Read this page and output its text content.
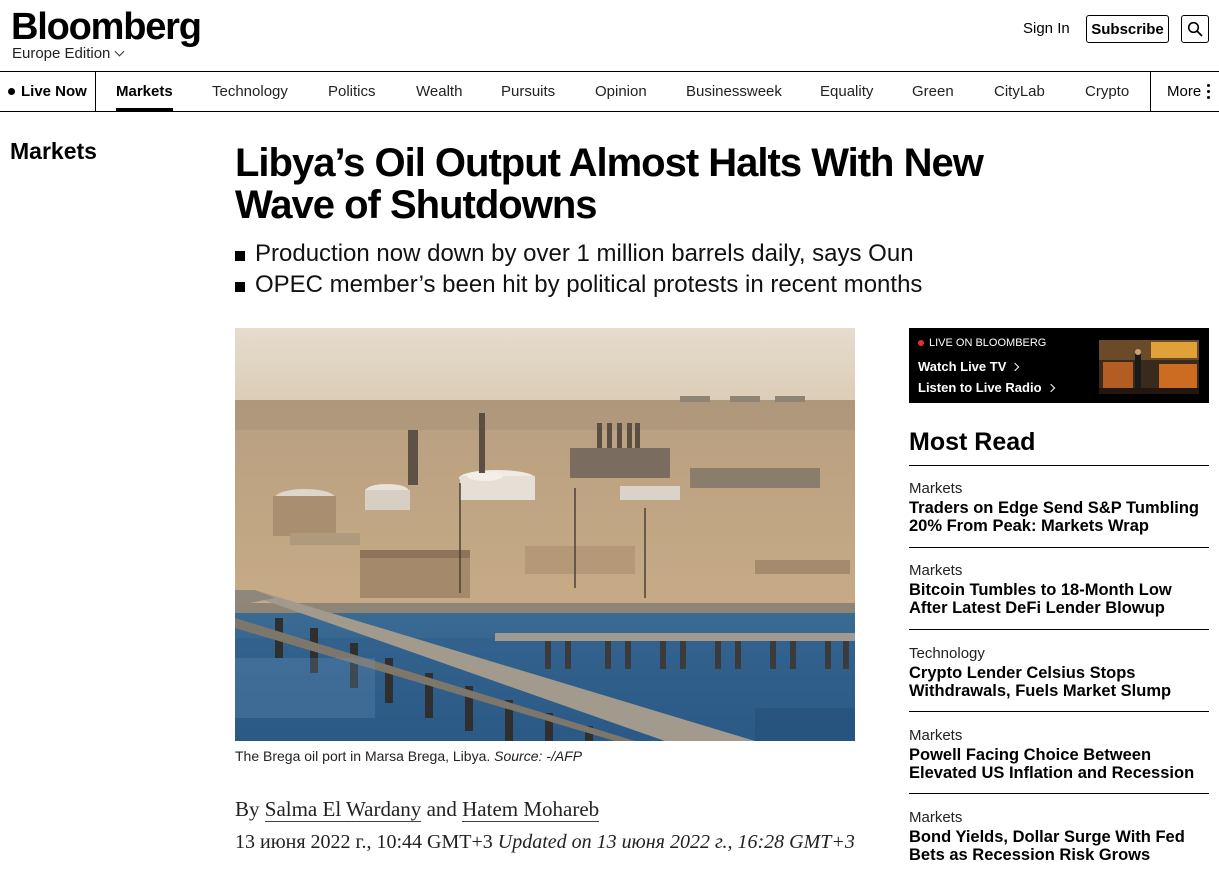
Bloomberg
Europe Edition
Sign In	Subscribe
Live Now Markets	Technology	Politics	Wealth	Pursuits	Opinion	Businessweek	Equality	Green	CityLab	Crypto	More
Markets	Libya’s Oil Output Almost Halts With New
Wave of Shutdowns
Production now down by over 1 million barrels daily, says Oun
OPEC member’s been hit by political protests in recent months
The Brega oil port in Marsa Brega, Libya. Source: -/AFP
By Salma El Wardany and Hatem Mohareb
13 июня 2022 г., 10:44 GMT+3 Updated on 13 июня 2022 г., 16:28 GMT+3
LIVE ON BLOOMBERG
Watch Live TV
Listen to Live Radio
Most Read
Markets
Traders on Edge Send S&P Tumbling 20% From Peak: Markets Wrap
Markets
Bitcoin Tumbles to 18-Month Low After Latest DeFi Lender Blowup
Technology
Crypto Lender Celsius Stops Withdrawals, Fuels Market Slump
Markets
Powell Facing Choice Between Elevated US Inflation and Recession
Markets
Bond Yields, Dollar Surge With Fed Bets as Recession Risk Grows
